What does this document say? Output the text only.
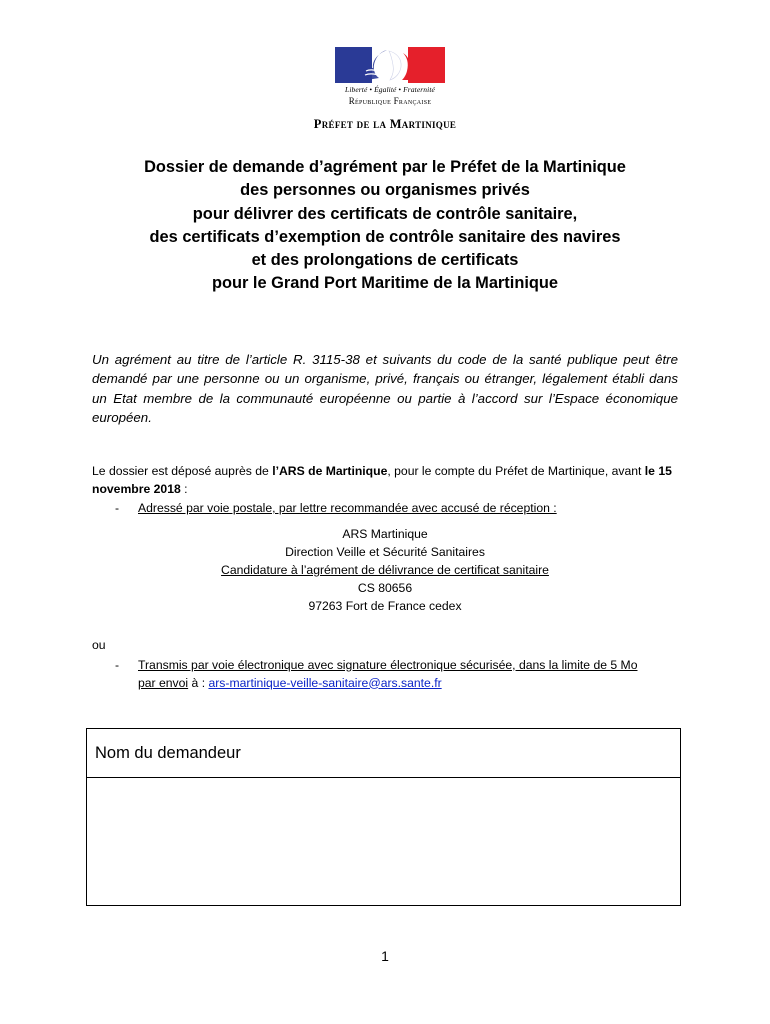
Liberté • Égalité • Fraternité
République Française
Préfet de la Martinique
Dossier de demande d’agrément par le Préfet de la Martinique
des personnes ou organismes privés
pour délivrer des certificats de contrôle sanitaire,
des certificats d’exemption de contrôle sanitaire des navires
et des prolongations de certificats
pour le Grand Port Maritime de la Martinique
Un agrément au titre de l’article R. 3115-38 et suivants du code de la santé publique peut être demandé par une personne ou un organisme, privé, français ou étranger, légalement établi dans un Etat membre de la communauté européenne ou partie à l’accord sur l’Espace économique européen.
Le dossier est déposé auprès de l’ARS de Martinique, pour le compte du Préfet de Martinique, avant le 15 novembre 2018 :
- Adressé par voie postale, par lettre recommandée avec accusé de réception :
ARS Martinique
Direction Veille et Sécurité Sanitaires
Candidature à l’agrément de délivrance de certificat sanitaire
CS 80656
97263 Fort de France cedex
ou
- Transmis par voie électronique avec signature électronique sécurisée, dans la limite de 5 Mo
par envoi à : ars-martinique-veille-sanitaire@ars.sante.fr
Nom du demandeur
1
